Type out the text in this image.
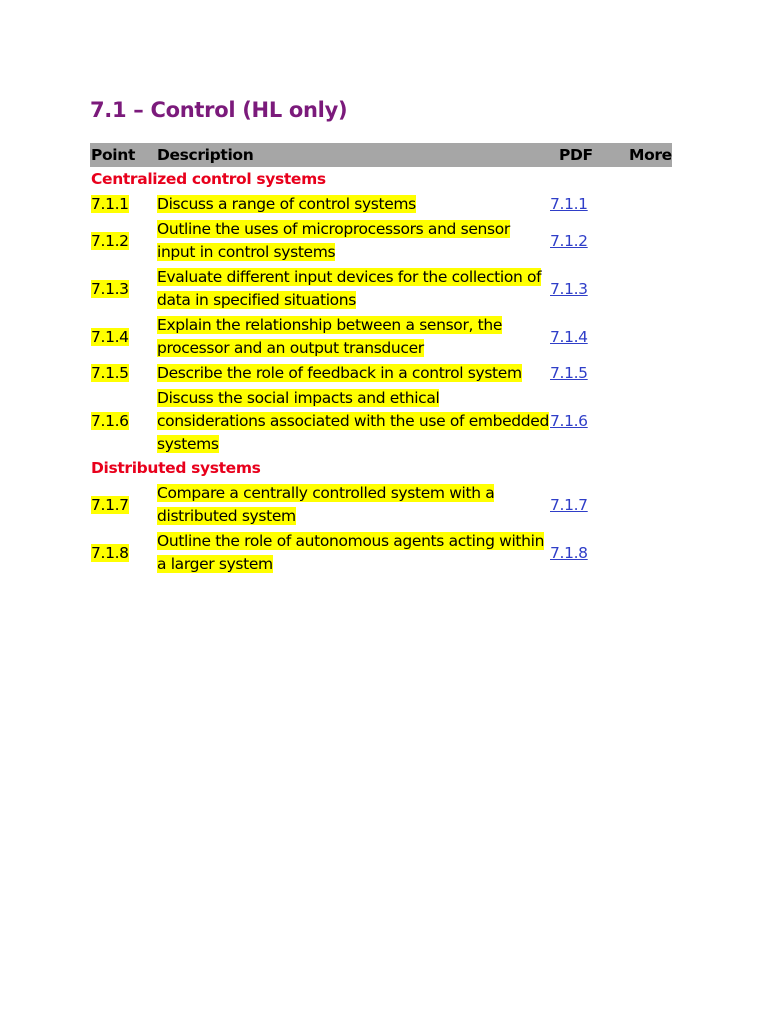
7.1 – Control (HL only)
Point	Description	PDF	More
Centralized control systems			
7.1.1	Discuss a range of control systems	7.1.1	
7.1.2	Outline the uses of microprocessors and sensor input in control systems	7.1.2	
7.1.3	Evaluate different input devices for the collection of data in specified situations	7.1.3	
7.1.4	Explain the relationship between a sensor, the processor and an output transducer	7.1.4	
7.1.5	Describe the role of feedback in a control system	7.1.5	
7.1.6	Discuss the social impacts and ethical considerations associated with the use of embedded systems	7.1.6	
Distributed systems			
7.1.7	Compare a centrally controlled system with a distributed system	7.1.7	
7.1.8	Outline the role of autonomous agents acting within a larger system	7.1.8	
